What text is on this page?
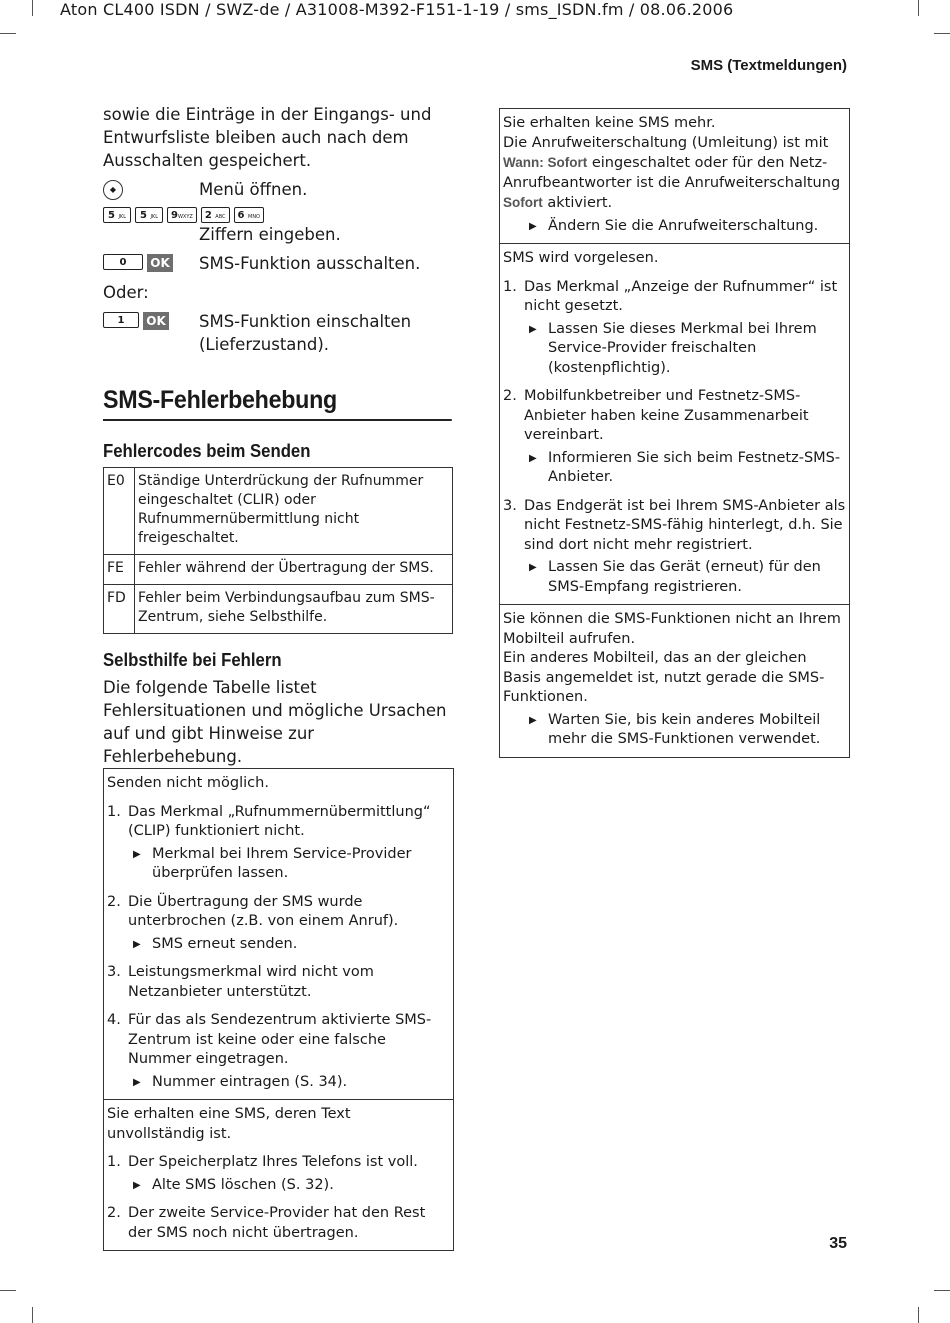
Aton CL400 ISDN / SWZ-de / A31008-M392-F151-1-19 / sms_ISDN.fm / 08.06.2006
SMS (Textmeldungen)
35

sowie die Einträge in der Eingangs- und Entwurfsliste bleiben auch nach dem Ausschalten gespeichert.

◆	Menü öffnen.
5 JKL	5 JKL	9WXYZ	2 ABC	6 MNO
Ziffern eingeben.
0	OK SMS-Funktion ausschalten.
Oder:
1	OK SMS-Funktion einschalten (Lieferzustand).
SMS-Fehlerbehebung
Fehlercodes beim Senden
E0	Ständige Unterdrückung der Rufnummer eingeschaltet (CLIR) oder Rufnummernübermittlung nicht freigeschaltet.
FE	Fehler während der Übertragung der SMS.
FD	Fehler beim Verbindungsaufbau zum SMS-Zentrum, siehe Selbsthilfe.
Selbsthilfe bei Fehlern

Die folgende Tabelle listet Fehlersituationen und mögliche Ursachen auf und gibt Hinweise zur Fehlerbehebung.

Senden nicht möglich.

1. Das Merkmal „Rufnummernübermittlung“ (CLIP) funktioniert nicht.
▶ Merkmal bei Ihrem Service-Provider überprüfen lassen.
2. Die Übertragung der SMS wurde unterbrochen (z.B. von einem Anruf).
▶ SMS erneut senden.
3. Leistungsmerkmal wird nicht vom Netzanbieter unterstützt.
4. Für das als Sendezentrum aktivierte SMS-Zentrum ist keine oder eine falsche Nummer eingetragen.
▶ Nummer eintragen (S. 34).

Sie erhalten eine SMS, deren Text unvollständig ist.

1. Der Speicherplatz Ihres Telefons ist voll.
▶ Alte SMS löschen (S. 32).
2. Der zweite Service-Provider hat den Rest der SMS noch nicht übertragen.

Sie erhalten keine SMS mehr.

Die Anrufweiterschaltung (Umleitung) ist mit Wann: Sofort eingeschaltet oder für den Netz-Anrufbeantworter ist die Anrufweiterschaltung Sofort aktiviert.

▶ Ändern Sie die Anrufweiterschaltung.

SMS wird vorgelesen.

1. Das Merkmal „Anzeige der Rufnummer“ ist nicht gesetzt.
▶ Lassen Sie dieses Merkmal bei Ihrem Service-Provider freischalten (kostenpflichtig).
2. Mobilfunkbetreiber und Festnetz-SMS-Anbieter haben keine Zusammenarbeit vereinbart.
▶ Informieren Sie sich beim Festnetz-SMS-Anbieter.
3. Das Endgerät ist bei Ihrem SMS-Anbieter als nicht Festnetz-SMS-fähig hinterlegt, d.h. Sie sind dort nicht mehr registriert.
▶ Lassen Sie das Gerät (erneut) für den SMS-Empfang registrieren.

Sie können die SMS-Funktionen nicht an Ihrem Mobilteil aufrufen.

Ein anderes Mobilteil, das an der gleichen Basis angemeldet ist, nutzt gerade die SMS-Funktionen.

▶ Warten Sie, bis kein anderes Mobilteil mehr die SMS-Funktionen verwendet.
